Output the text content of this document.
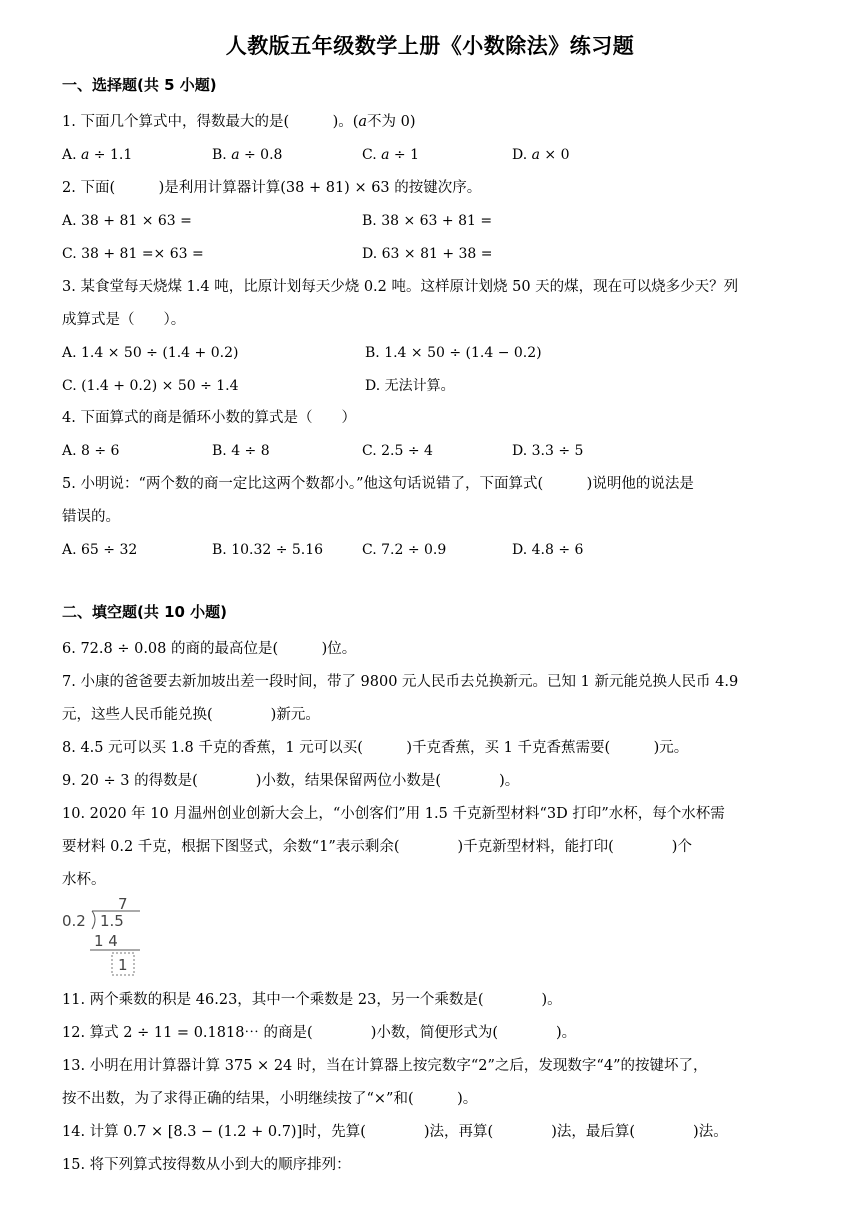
人教版五年级数学上册《小数除法》练习题
一、选择题(共 5 小题)
1. 下面几个算式中，得数最大的是(　　　)。(𝑎不为 0)
A. 𝑎 ÷ 1.1	B. 𝑎 ÷ 0.8	C. 𝑎 ÷ 1	D. 𝑎 × 0
2. 下面(　　　)是利用计算器计算(38 + 81) × 63 的按键次序。
A. 38 + 81 × 63 =	B. 38 × 63 + 81 =
C. 38 + 81 =× 63 =	D. 63 × 81 + 38 =
3. 某食堂每天烧煤 1.4 吨，比原计划每天少烧 0.2 吨。这样原计划烧 50 天的煤，现在可以烧多少天？列
成算式是（　　）。
A. 1.4 × 50 ÷ (1.4 + 0.2)	B. 1.4 × 50 ÷ (1.4 − 0.2)
C. (1.4 + 0.2) × 50 ÷ 1.4	D. 无法计算。
4. 下面算式的商是循环小数的算式是（　　）
A. 8 ÷ 6	B. 4 ÷ 8	C. 2.5 ÷ 4	D. 3.3 ÷ 5
5. 小明说：“两个数的商一定比这两个数都小。”他这句话说错了，下面算式(　　　)说明他的说法是
错误的。
A. 65 ÷ 32	B. 10.32 ÷ 5.16	C. 7.2 ÷ 0.9	D. 4.8 ÷ 6
二、填空题(共 10 小题)
6. 72.8 ÷ 0.08 的商的最高位是(　　　)位。
7. 小康的爸爸要去新加坡出差一段时间，带了 9800 元人民币去兑换新元。已知 1 新元能兑换人民币 4.9
元，这些人民币能兑换(　　　　)新元。
8. 4.5 元可以买 1.8 千克的香蕉，1 元可以买(　　　)千克香蕉，买 1 千克香蕉需要(　　　)元。
9. 20 ÷ 3 的得数是(　　　　)小数，结果保留两位小数是(　　　　)。
10. 2020 年 10 月温州创业创新大会上，“小创客们”用 1.5 千克新型材料“3D 打印”水杯，每个水杯需
要材料 0.2 千克，根据下图竖式，余数“1”表示剩余(　　　　)千克新型材料，能打印(　　　　)个
水杯。
7
0.2 1.5
1 4
1
11. 两个乘数的积是 46.23，其中一个乘数是 23，另一个乘数是(　　　　)。
12. 算式 2 ÷ 11 = 0.1818⋯ 的商是(　　　　)小数，简便形式为(　　　　)。
13. 小明在用计算器计算 375 × 24 时，当在计算器上按完数字“2”之后，发现数字“4”的按键坏了，
按不出数，为了求得正确的结果，小明继续按了“×”和(　　　)。
14. 计算 0.7 × [8.3 − (1.2 + 0.7)]时，先算(　　　　)法，再算(　　　　)法，最后算(　　　　)法。
15. 将下列算式按得数从小到大的顺序排列：
